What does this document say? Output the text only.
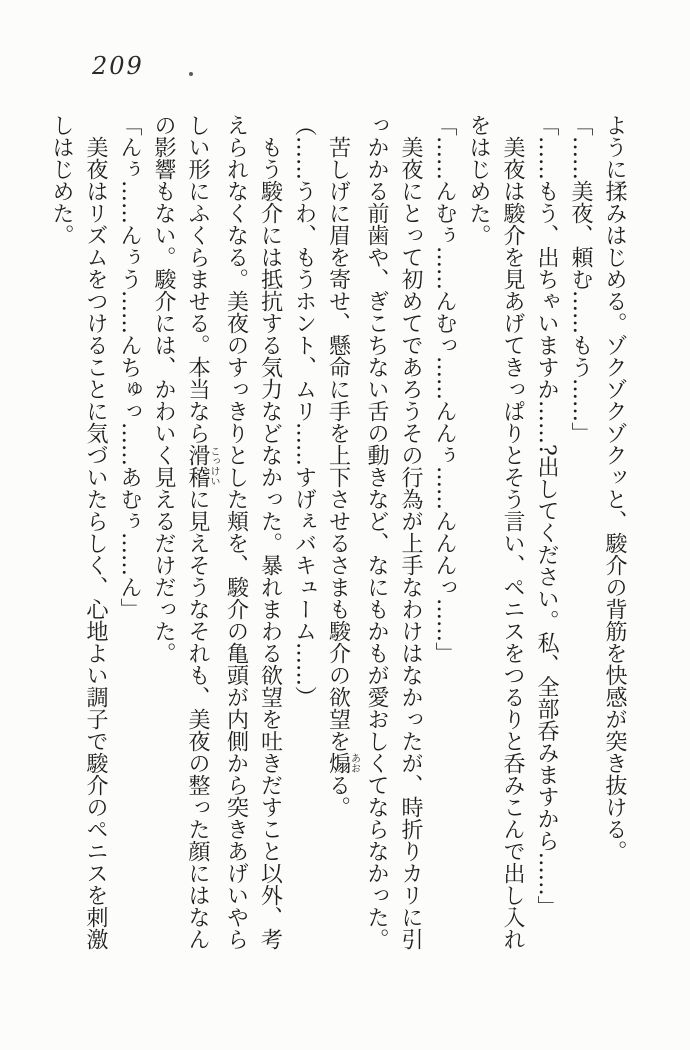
209

ように揉みはじめる。ゾクゾクゾクッと、駿介の背筋を快感が突き抜ける。

「……美夜、頼む……もう……」

「……もう、出ちゃいますか……?出してください。私、全部呑みますから……」

美夜は駿介を見あげてきっぱりとそう言い、ペニスをつるりと呑みこんで出し入れ

をはじめた。

「……んむぅ……んむっ……んんぅ……んんんっ……」

美夜にとって初めてであろうその行為が上手なわけはなかったが、時折りカリに引

っかかる前歯や、ぎこちない舌の動きなど、なにもかもが愛おしくてならなかった。

苦しげに眉を寄せ、懸命に手を上下させるさまも駿介の欲望を煽あおる。

（……うわ、もうホント、ムリ……すげぇバキューム……）

もう駿介には抵抗する気力などなかった。暴れまわる欲望を吐きだすこと以外、考

えられなくなる。美夜のすっきりとした頬を、駿介の亀頭が内側から突きあげいやら

しい形にふくらませる。本当なら滑稽こっけいに見えそうなそれも、美夜の整った顔にはなん

の影響もない。駿介には、かわいく見えるだけだった。

「んぅ……んぅう……んちゅっ……あむぅ……ん」

美夜はリズムをつけることに気づいたらしく、心地よい調子で駿介のペニスを刺激

しはじめた。
